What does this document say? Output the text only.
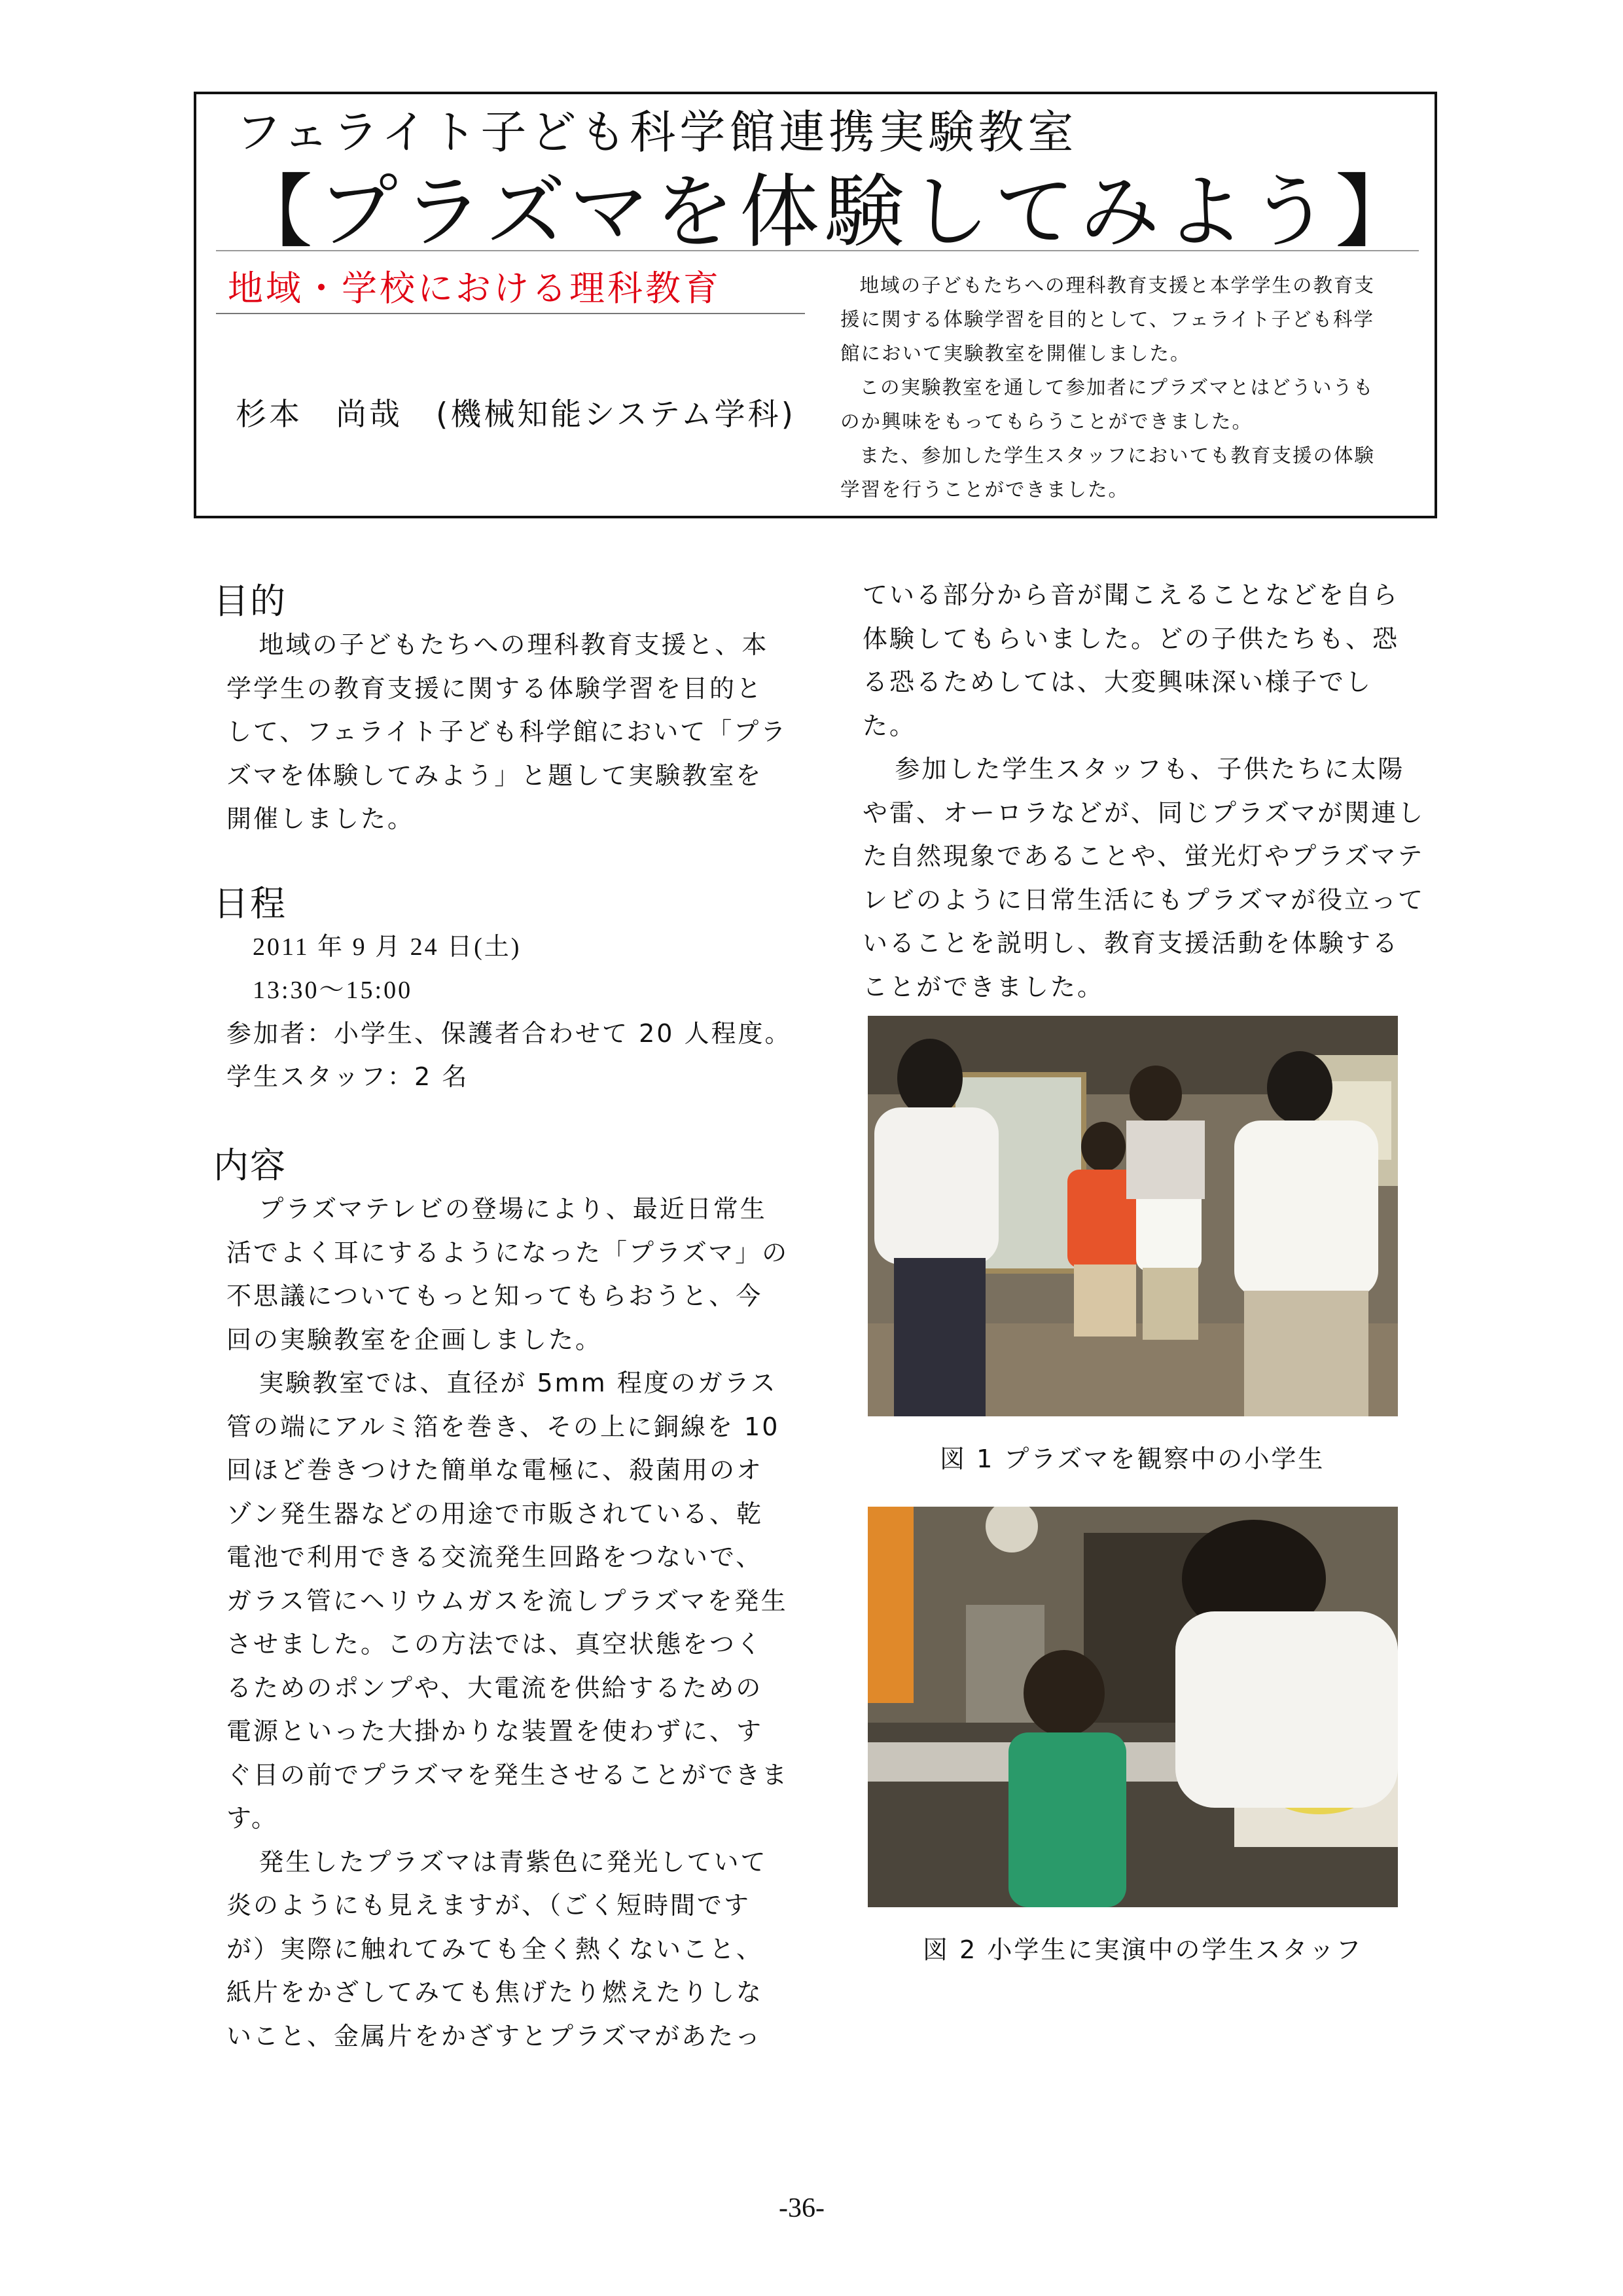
フェライト子ども科学館連携実験教室
【プラズマを体験してみよう】
地域・学校における理科教育
杉本　尚哉　(機械知能システム学科)

地域の子どもたちへの理科教育支援と本学学生の教育支援に関する体験学習を目的として、フェライト子ども科学館において実験教室を開催しました。

この実験教室を通して参加者にプラズマとはどういうものか興味をもってもらうことができました。

また、参加した学生スタッフにおいても教育支援の体験学習を行うことができました。

目的

地域の子どもたちへの理科教育支援と、本学学生の教育支援に関する体験学習を目的として、フェライト子ども科学館において「プラズマを体験してみよう」と題して実験教室を開催しました。

日程
2011 年 9 月 24 日(土)
13:30〜15:00
参加者：小学生、保護者合わせて 20 人程度。
学生スタッフ：2 名
内容

プラズマテレビの登場により、最近日常生活でよく耳にするようになった「プラズマ」の不思議についてもっと知ってもらおうと、今回の実験教室を企画しました。

実験教室では、直径が 5mm 程度のガラス管の端にアルミ箔を巻き、その上に銅線を 10 回ほど巻きつけた簡単な電極に、殺菌用のオゾン発生器などの用途で市販されている、乾電池で利用できる交流発生回路をつないで、ガラス管にヘリウムガスを流しプラズマを発生させました。この方法では、真空状態をつくるためのポンプや、大電流を供給するための電源といった大掛かりな装置を使わずに、すぐ目の前でプラズマを発生させることができます。

発生したプラズマは青紫色に発光していて炎のようにも見えますが、（ごく短時間ですが）実際に触れてみても全く熱くないこと、紙片をかざしてみても焦げたり燃えたりしないこと、金属片をかざすとプラズマがあたっ

ている部分から音が聞こえることなどを自ら体験してもらいました。どの子供たちも、恐る恐るためしては、大変興味深い様子でした。

参加した学生スタッフも、子供たちに太陽や雷、オーロラなどが、同じプラズマが関連した自然現象であることや、蛍光灯やプラズマテレビのように日常生活にもプラズマが役立っていることを説明し、教育支援活動を体験することができました。

図 1 プラズマを観察中の小学生
図 2 小学生に実演中の学生スタッフ
-36-
